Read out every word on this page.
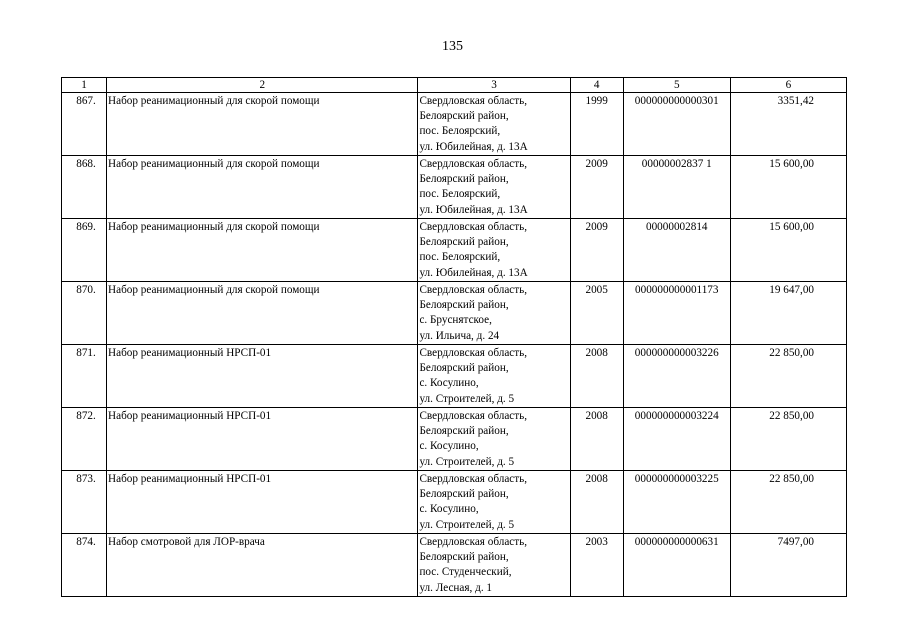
135
1	2	3	4	5	6
867.	Набор реанимационный для скорой помощи	Свердловская область,
Белоярский район,
пос. Белоярский,
ул. Юбилейная, д. 13А	1999	000000000000301	3351,42
868.	Набор реанимационный для скорой помощи	Свердловская область,
Белоярский район,
пос. Белоярский,
ул. Юбилейная, д. 13А	2009	00000002837 1	15 600,00
869.	Набор реанимационный для скорой помощи	Свердловская область,
Белоярский район,
пос. Белоярский,
ул. Юбилейная, д. 13А	2009	00000002814	15 600,00
870.	Набор реанимационный для скорой помощи	Свердловская область,
Белоярский район,
с. Бруснятское,
ул. Ильича, д. 24	2005	000000000001173	19 647,00
871.	Набор реанимационный НРСП-01	Свердловская область,
Белоярский район,
с. Косулино,
ул. Строителей, д. 5	2008	000000000003226	22 850,00
872.	Набор реанимационный НРСП-01	Свердловская область,
Белоярский район,
с. Косулино,
ул. Строителей, д. 5	2008	000000000003224	22 850,00
873.	Набор реанимационный НРСП-01	Свердловская область,
Белоярский район,
с. Косулино,
ул. Строителей, д. 5	2008	000000000003225	22 850,00
874.	Набор смотровой для ЛОР-врача	Свердловская область,
Белоярский район,
пос. Студенческий,
ул. Лесная, д. 1	2003	000000000000631	7497,00
